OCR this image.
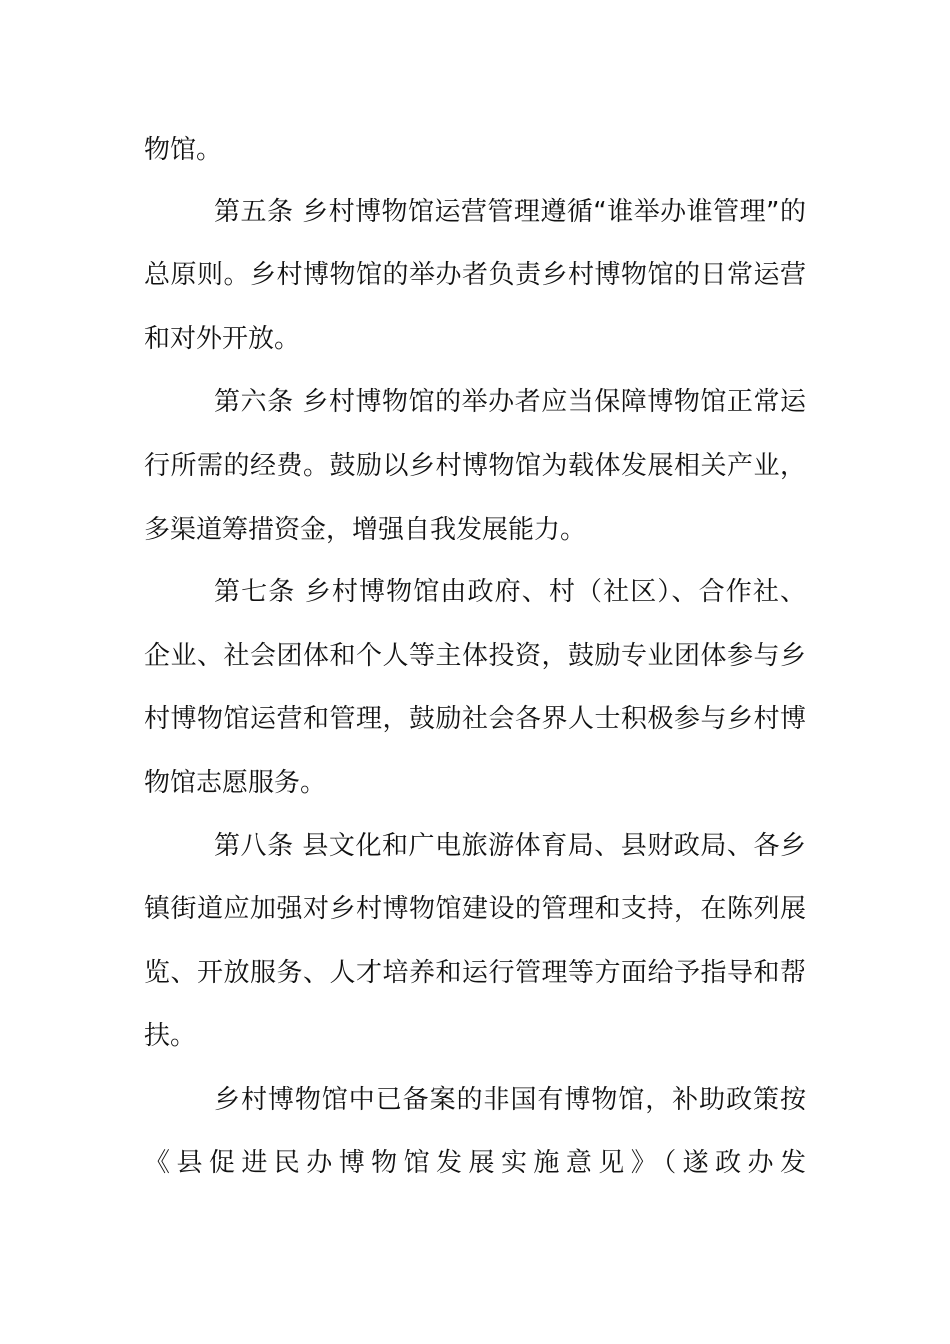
物馆。
第五条 乡村博物馆运营管理遵循“谁举办谁管理”的
总原则。乡村博物馆的举办者负责乡村博物馆的日常运营
和对外开放。
第六条 乡村博物馆的举办者应当保障博物馆正常运
行所需的经费。鼓励以乡村博物馆为载体发展相关产业，
多渠道筹措资金，增强自我发展能力。
第七条 乡村博物馆由政府、村（社区）、合作社、
企业、社会团体和个人等主体投资，鼓励专业团体参与乡
村博物馆运营和管理，鼓励社会各界人士积极参与乡村博
物馆志愿服务。
第八条 县文化和广电旅游体育局、县财政局、各乡
镇街道应加强对乡村博物馆建设的管理和支持，在陈列展
览、开放服务、人才培养和运行管理等方面给予指导和帮
扶。
乡村博物馆中已备案的非国有博物馆，补助政策按
《县促进民办博物馆发展实施意见》（遂政办发
